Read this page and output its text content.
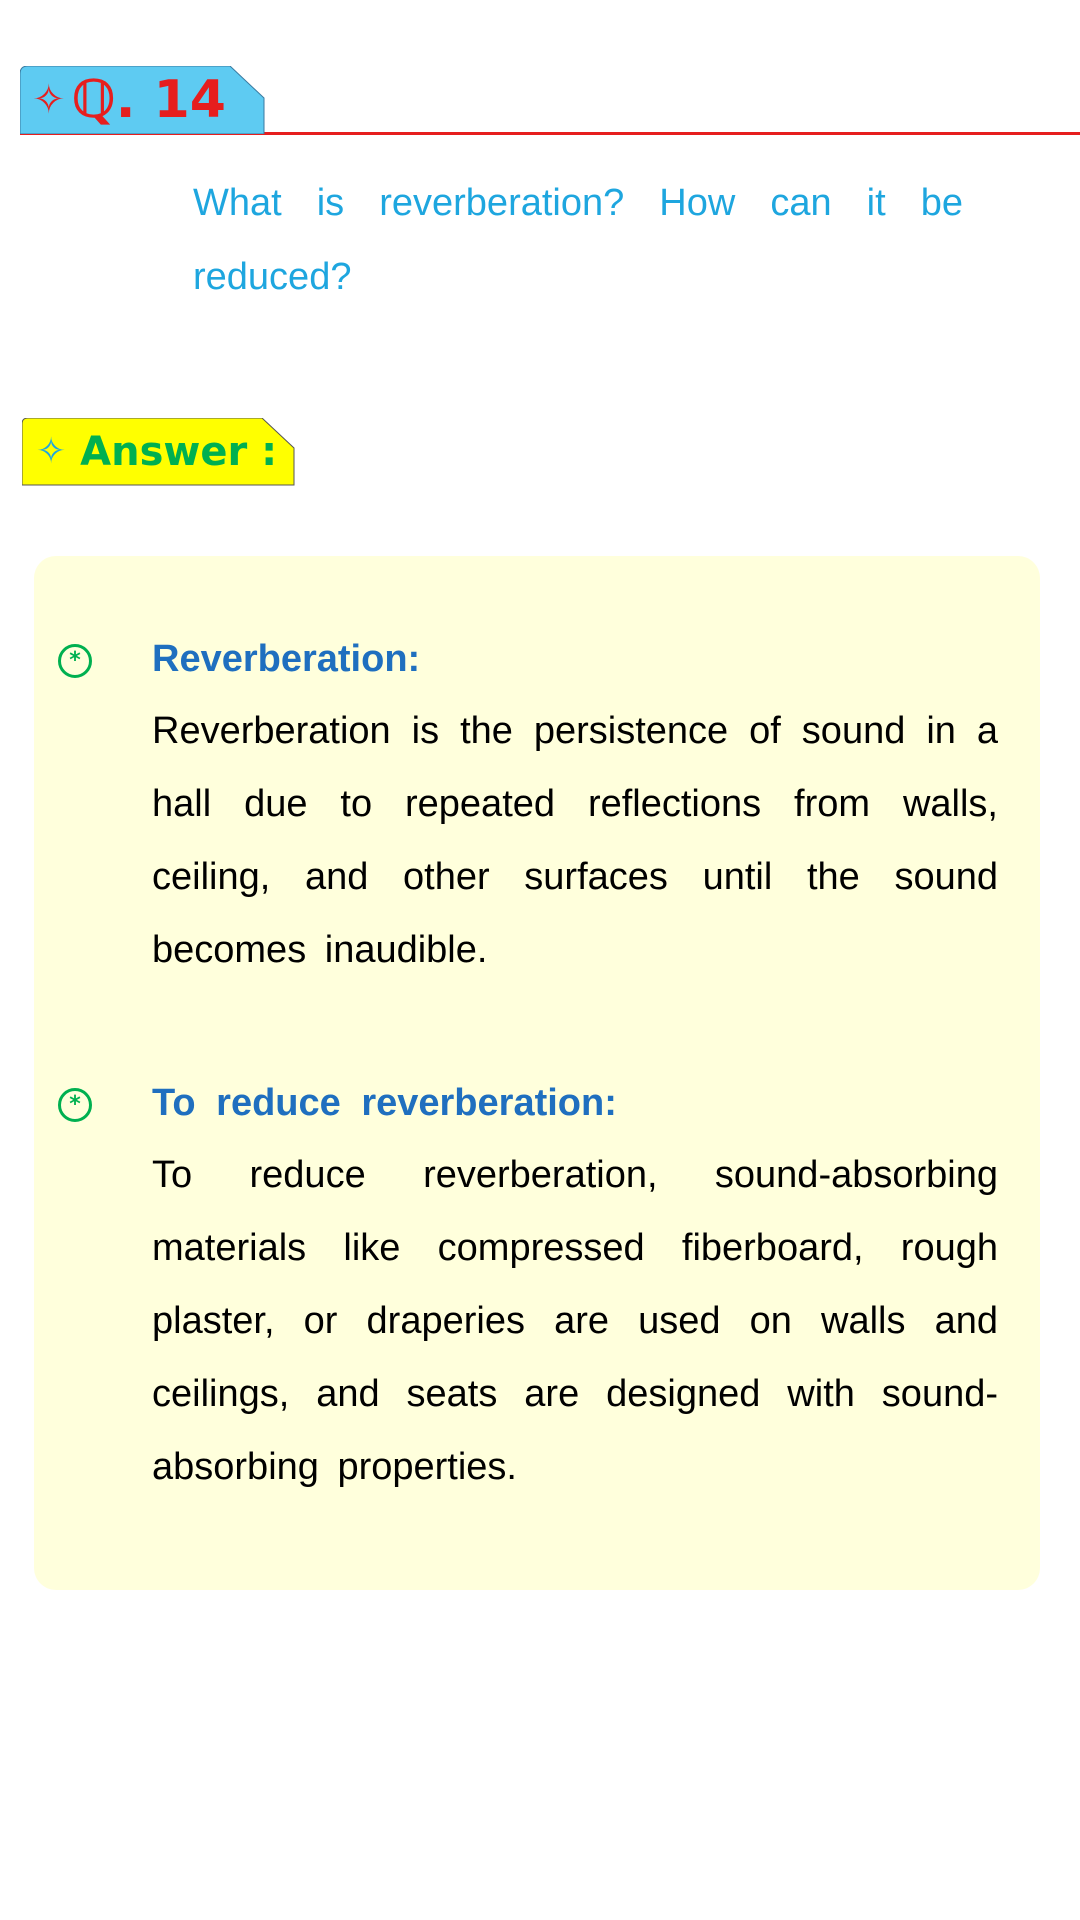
✧ ℚ. 14

What is reverberation? How can it be reduced?

✧ Answer :
* Reverberation:

Reverberation is the persistence of sound in a hall due to repeated reflections from walls, ceiling, and other surfaces until the sound becomes inaudible.

* To reduce reverberation:

To reduce reverberation, sound-absorbing materials like compressed fiberboard, rough plaster, or draperies are used on walls and ceilings, and seats are designed with sound-absorbing properties.
